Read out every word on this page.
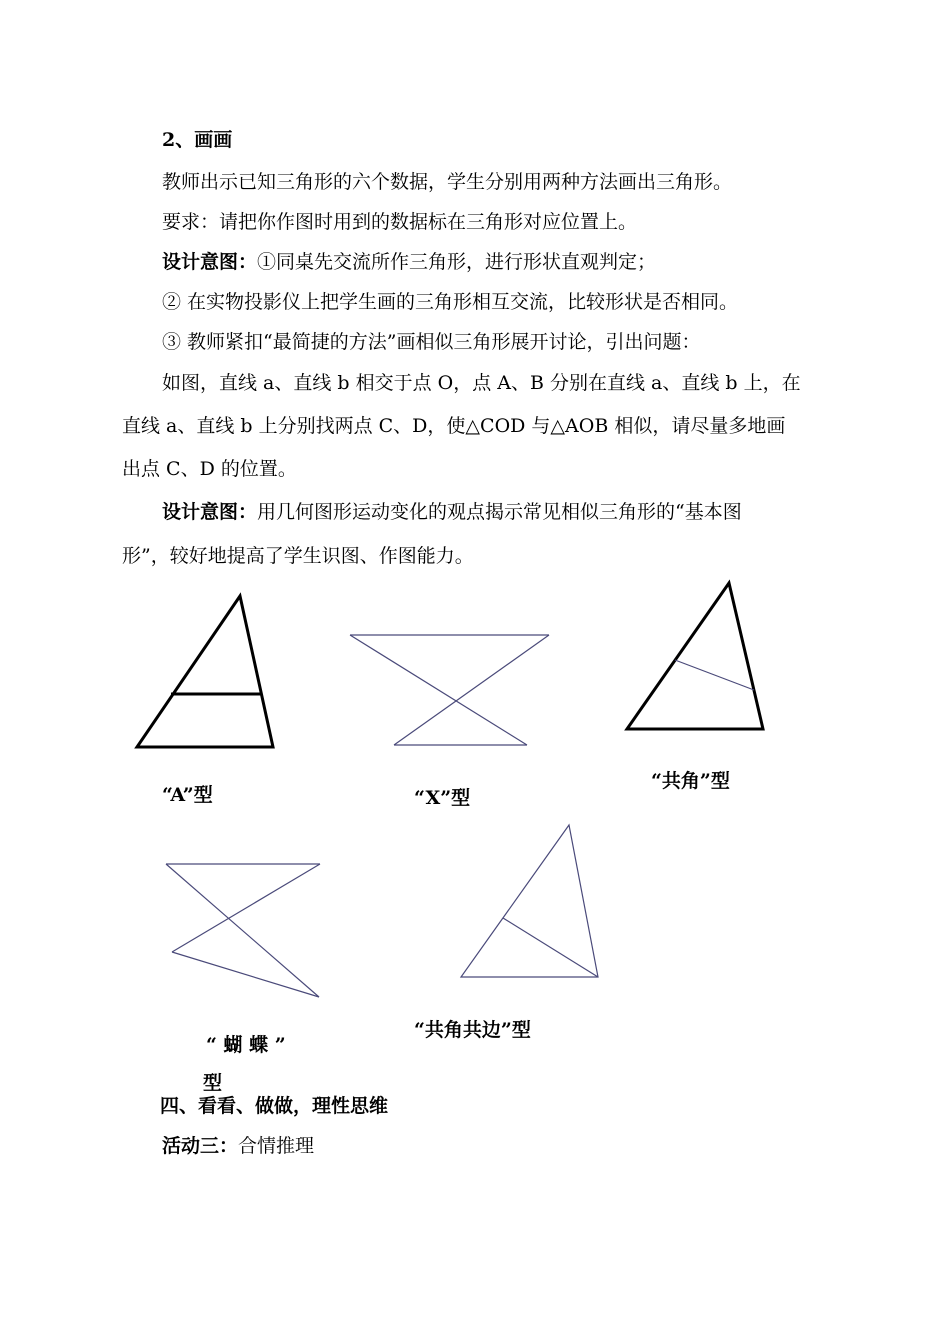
2、画画
教师出示已知三角形的六个数据，学生分别用两种方法画出三角形。
要求：请把你作图时用到的数据标在三角形对应位置上。
设计意图：①同桌先交流所作三角形，进行形状直观判定；
② 在实物投影仪上把学生画的三角形相互交流，比较形状是否相同。
③ 教师紧扣“最简捷的方法”画相似三角形展开讨论，引出问题：
如图，直线 a、直线 b 相交于点 O，点 A、B 分别在直线 a、直线 b 上，在
直线 a、直线 b 上分别找两点 C、D，使△COD 与△AOB 相似，请尽量多地画
出点 C、D 的位置。
设计意图：用几何图形运动变化的观点揭示常见相似三角形的“基本图
形”，较好地提高了学生识图、作图能力。
“A”型	“X”型
“共角”型
“ 蝴 蝶 ”
型
“共角共边”型
四、看看、做做，理性思维
活动三：合情推理
